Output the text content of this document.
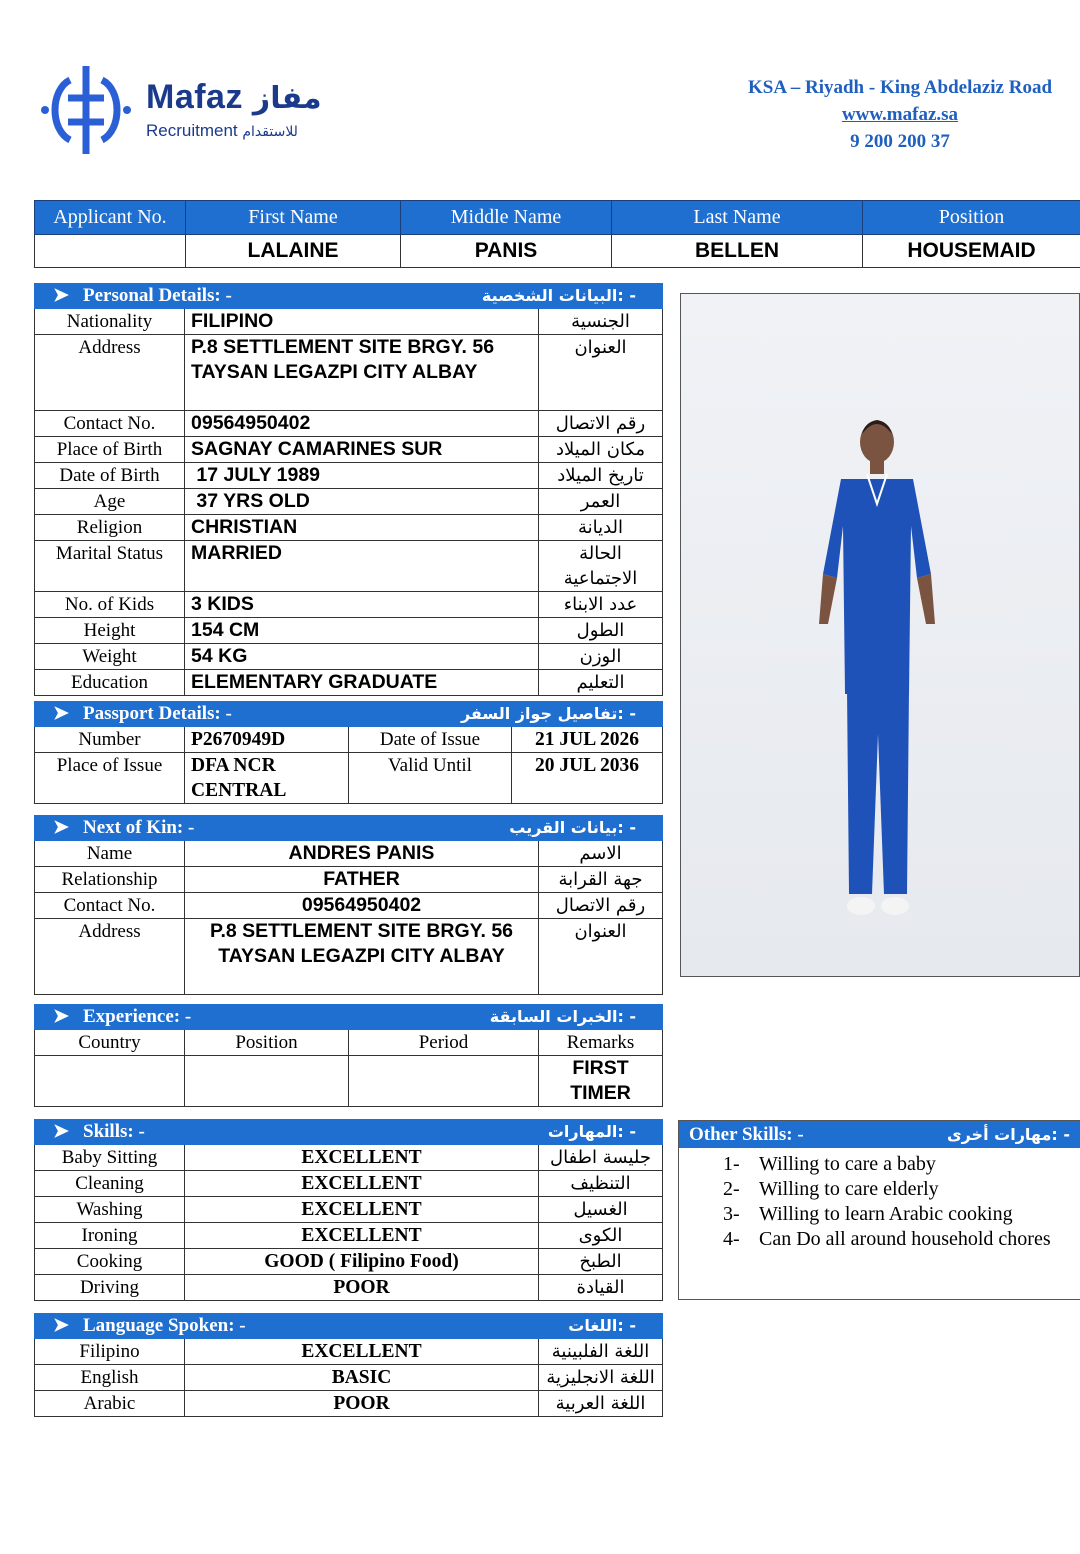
Mafaz مفاز
Recruitment للاستقدام
KSA – Riyadh - King Abdelaziz Road
www.mafaz.sa
9 200 200 37
Applicant No.	First Name	Middle Name	Last Name	Position
	LALAINE	PANIS	BELLEN	HOUSEMAID
➤ Personal Details: - البيانات الشخصية: -		

Nationality	FILIPINO	الجنسية
Address	P.8 SETTLEMENT SITE BRGY. 56 TAYSAN LEGAZPI CITY ALBAY	العنوان
Contact No.	09564950402	رقم الاتصال
Place of Birth	SAGNAY CAMARINES SUR	مكان الميلاد
Date of Birth	17 JULY 1989	تاريخ الميلاد
Age	37 YRS OLD	العمر
Religion	CHRISTIAN	الديانة
Marital Status	MARRIED	الحالة الاجتماعية
No. of Kids	3 KIDS	عدد الابناء
Height	154 CM	الطول
Weight	54 KG	الوزن
Education	ELEMENTARY GRADUATE	التعليم
➤ Passport Details: - تفاصيل جواز السفر: -			

Number	P2670949D	Date of Issue	21 JUL 2026
Place of Issue	DFA NCR CENTRAL	Valid Until	20 JUL 2036
➤ Next of Kin: - بيانات القريب: -		

Name	ANDRES PANIS	الاسم
Relationship	FATHER	جهة القرابة
Contact No.	09564950402	رقم الاتصال
Address	P.8 SETTLEMENT SITE BRGY. 56 TAYSAN LEGAZPI CITY ALBAY	العنوان
➤ Experience: - الخبرات السابقة: -			

Country	Position	Period	Remarks
			FIRST TIMER
➤ Skills: - المهارات: -		

Baby Sitting	EXCELLENT	جليسة اطفال
Cleaning	EXCELLENT	التنظيف
Washing	EXCELLENT	الغسيل
Ironing	EXCELLENT	الكوى
Cooking	GOOD ( Filipino Food)	الطبخ
Driving	POOR	القيادة
Other Skills: -	مهارات أخرى: -
1- Willing to care a baby
2- Willing to care elderly
3- Willing to learn Arabic cooking
4- Can Do all around household chores
➤ Language Spoken: - اللغات: -		

Filipino	EXCELLENT	اللغة الفلبينية
English	BASIC	اللغة الانجليزية
Arabic	POOR	اللغة العربية
